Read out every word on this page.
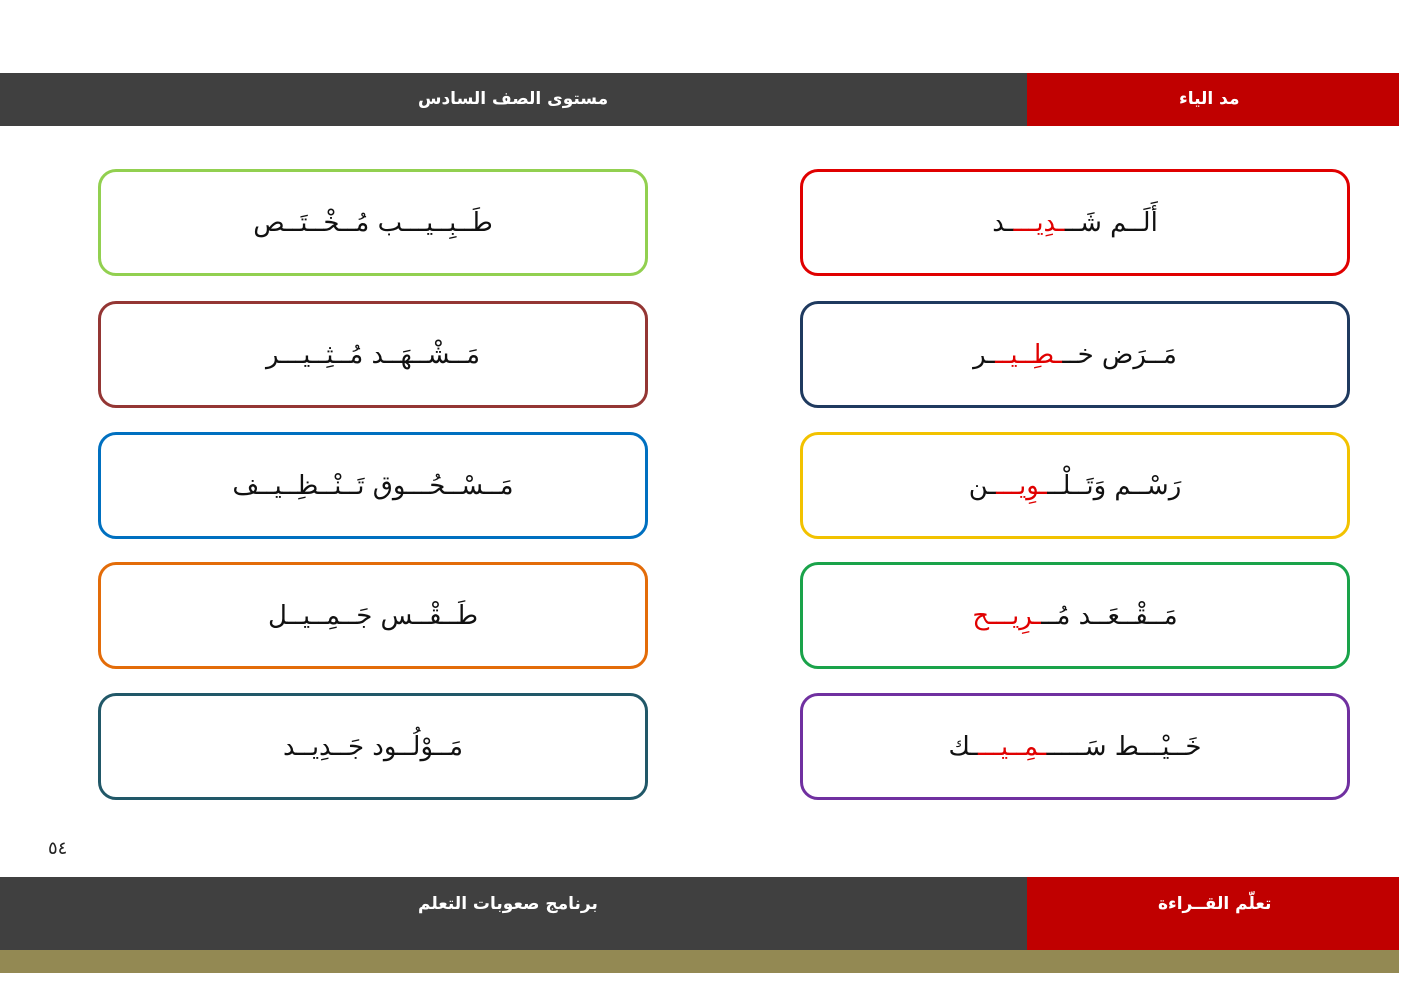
مستوى الصف السادس	مد الياء
أَلَــم شَـــدِيــــد
مَــرَض خـــطِــيـــر
رَسْــم وَتَــلْـــوِيــــن
مَــقْــعَــد مُـــرِيـــح
خَــيْـــط سَــــــمِــيــــك
طَــبِــيـــب مُــخْــتَــص
مَــشْــهَــد مُــثِــيـــر
مَــسْــحُـــوق تَــنْــظِــيــف
طَــقْــس جَــمِــيــل
مَــوْلُــود جَــدِيــد
٥٤
برنامج صعوبات التعلم	تعلّم القــراءة
